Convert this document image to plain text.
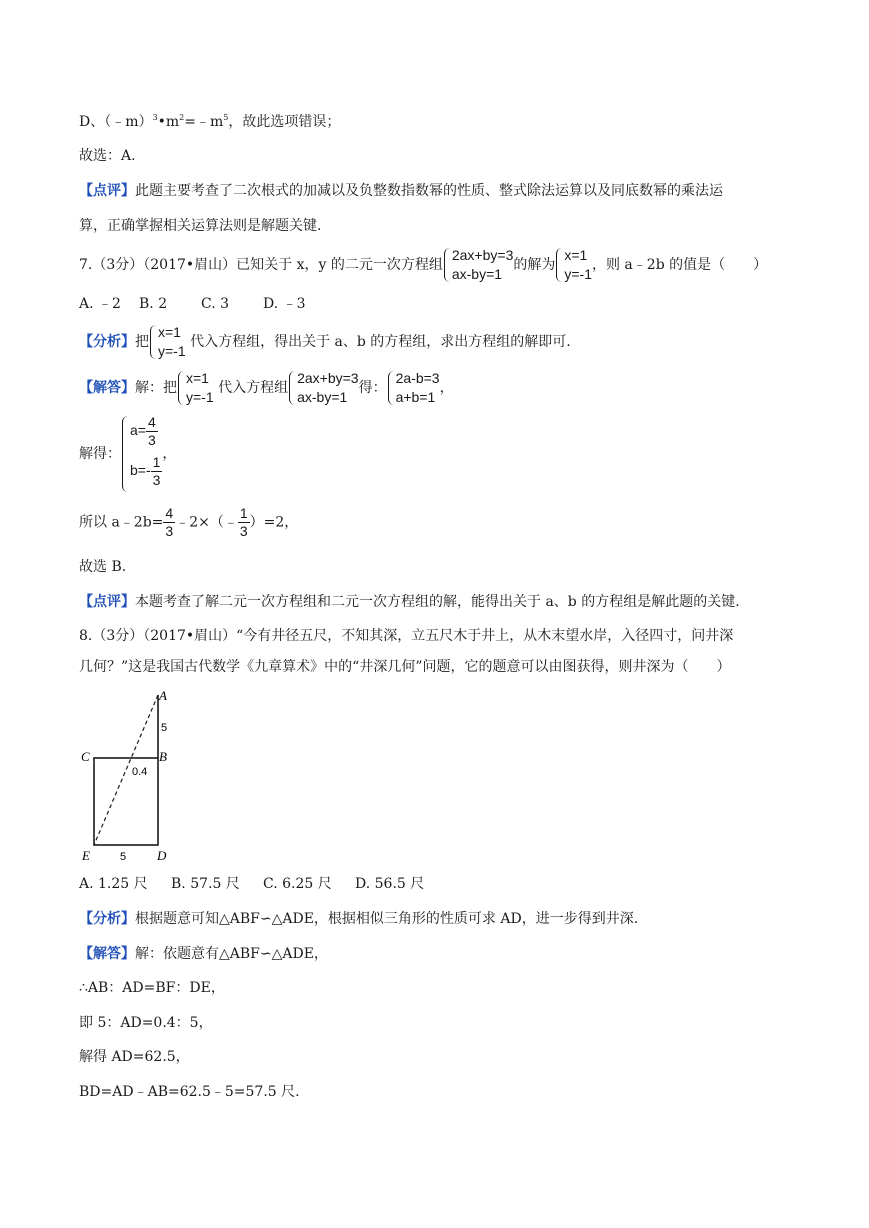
D、$(﹣m)^3•m^2=﹣m^5$，故此选项错误；
故选：A.
【点评】此题主要考查了二次根式的加减以及负整数指数幂的性质、整式除法运算以及同底数幂的乘法运
算，正确掌握相关运算法则是解题关键.
7.（3分）（2017•眉山）已知关于 x，y 的二元一次方程组
2ax+by=3
ax-by=1
的解为
x=1
y=-1
，则 a﹣2b 的值是（　　）
A. ﹣2 B. 2 C. 3 D. ﹣3
【分析】把
x=1
y=-1
代入方程组，得出关于 a、b 的方程组，求出方程组的解即可.
【解答】解：把
x=1
y=-1
代入方程组
2ax+by=3
ax-by=1
得：
2a-b=3
a+b=1
，
解得：
$a= \frac{4}{3}$
$b=- \frac{1}{3}$ ，
所以 a﹣2b= $\frac{4}{3}$ ﹣2×（﹣ $\frac{1}{3} )=2$，
故选 B.
【点评】本题考查了解二元一次方程组和二元一次方程组的解，能得出关于 a、b 的方程组是解此题的关键.
8.（3分）（2017•眉山）“今有井径五尺，不知其深，立五尺木于井上，从木末望水岸，入径四寸，问井深
几何？”这是我国古代数学《九章算术》中的“井深几何”问题，它的题意可以由图获得，则井深为（　　）
A
B
C
D
E
5
0.4
5
A. 1.25 尺 B. 57.5 尺 C. 6.25 尺 D. 56.5 尺
【分析】根据题意可知△ABF∽△ADE，根据相似三角形的性质可求 AD，进一步得到井深.
【解答】解：依题意有△ABF∽△ADE，
∴AB：AD=BF：DE，
即 5：AD=0.4：5，
解得 AD=62.5，
BD=AD﹣AB=62.5﹣5=57.5 尺.
